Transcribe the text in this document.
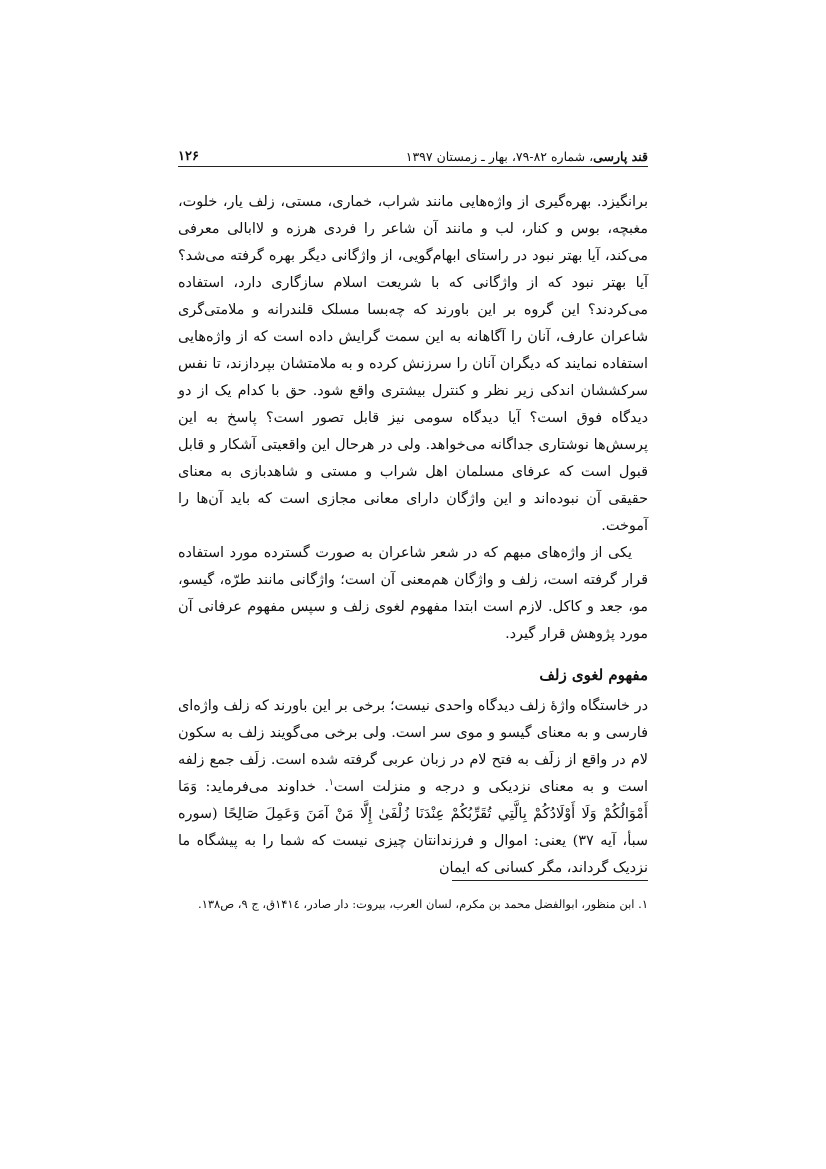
قند پارسی، شماره ۸۲-۷۹، بهار ـ زمستان ۱۳۹۷
۱۲۶

برانگیزد. بهره‌گیری از واژه‌هایی مانند شراب، خماری، مستی، زلف یار، خلوت، مغبچه، بوس و کنار، لب و مانند آن شاعر را فردی هرزه و لاابالی معرفی می‌کند، آیا بهتر نبود در راستای ابهام‌گویی، از واژگانی دیگر بهره گرفته می‌شد؟ آیا بهتر نبود که از واژگانی که با شریعت اسلام سازگاری دارد، استفاده می‌کردند؟ این گروه بر این باورند که چه‌بسا مسلک قلندرانه و ملامتی‌گری شاعران عارف، آنان را آگاهانه به این سمت گرایش داده است که از واژه‌هایی استفاده نمایند که دیگران آنان را سرزنش کرده و به ملامتشان بپردازند، تا نفس سرکششان اندکی زیر نظر و کنترل بیشتری واقع شود. حق با کدام یک از دو دیدگاه فوق است؟ آیا دیدگاه سومی نیز قابل تصور است؟ پاسخ به این پرسش‌ها نوشتاری جداگانه می‌خواهد. ولی در هرحال این واقعیتی آشکار و قابل قبول است که عرفای مسلمان اهل شراب و مستی و شاهدبازی به معنای حقیقی آن نبوده‌اند و این واژگان دارای معانی مجازی است که باید آن‌ها را آموخت.

یکی از واژه‌های مبهم که در شعر شاعران به صورت گسترده مورد استفاده قرار گرفته است، زلف و واژگان هم‌معنی آن است؛ واژگانی مانند طرّه، گیسو، مو، جعد و کاکل. لازم است ابتدا مفهوم لغوی زلف و سپس مفهوم عرفانی آن مورد پژوهش قرار گیرد.

مفهوم لغوی زلف

در خاستگاه واژهٔ زلف دیدگاه واحدی نیست؛ برخی بر این باورند که زلف واژه‌ای فارسی و به معنای گیسو و موی سر است. ولی برخی می‌گویند زلف به سکون لام در واقع از زلَف به فتح لام در زبان عربی گرفته شده است. زلَف جمع زلفه است و به معنای نزدیکی و درجه و منزلت است$^۱$. خداوند می‌فرماید: وَمَا أَمْوَالُكُمْ وَلَا أَوْلَادُكُمْ بِالَّتِي تُقَرِّبُكُمْ عِنْدَنَا زُلْفَىٰ إِلَّا مَنْ آمَنَ وَعَمِلَ صَالِحًا (سوره سبأ، آیه ۳۷) یعنی: اموال و فرزندانتان چیزی نیست که شما را به پیشگاه ما نزدیک گرداند، مگر کسانی که ایمان

۱. ابن منظور، ابوالفضل محمد بن مکرم، لسان العرب، بیروت: دار صادر، ۱۴۱٤ق، ج ۹، ص۱۳۸.
